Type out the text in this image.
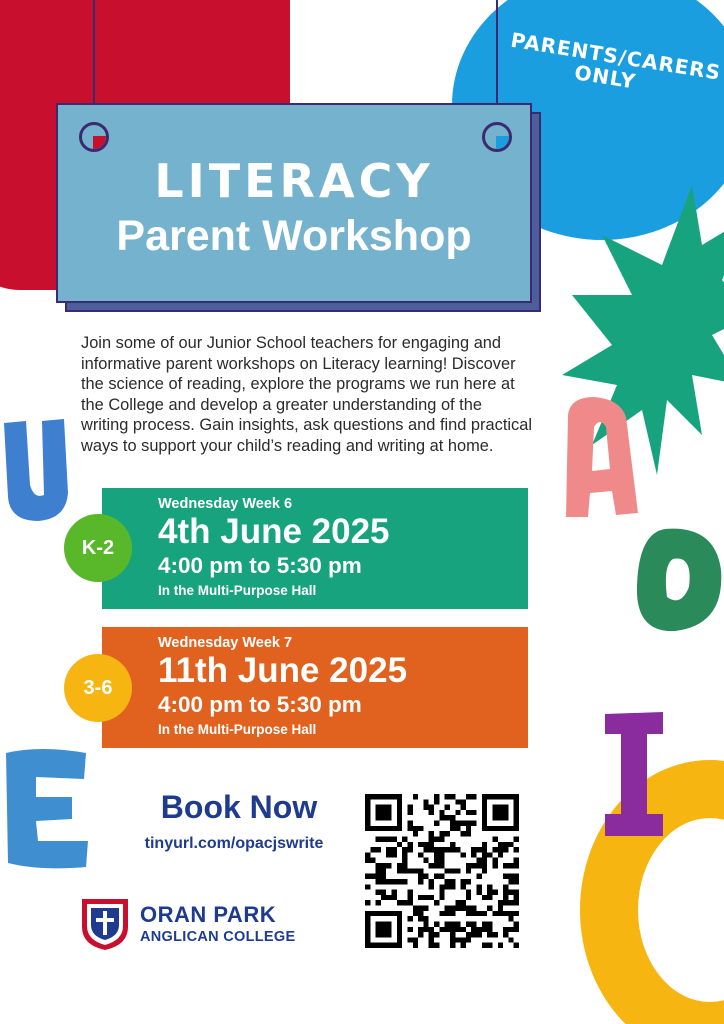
PARENTS/CARERS ONLY
LITERACY
Parent Workshop
Join some of our Junior School teachers for engaging and informative parent workshops on Literacy learning! Discover the science of reading, explore the programs we run here at the College and develop a greater understanding of the writing process. Gain insights, ask questions and find practical ways to support your child’s reading and writing at home.
Wednesday Week 6
4th June 2025
4:00 pm to 5:30 pm
In the Multi-Purpose Hall
K-2
Wednesday Week 7
11th June 2025
4:00 pm to 5:30 pm
In the Multi-Purpose Hall
3-6
Book Now
tinyurl.com/opacjswrite
ORAN PARK
ANGLICAN COLLEGE
